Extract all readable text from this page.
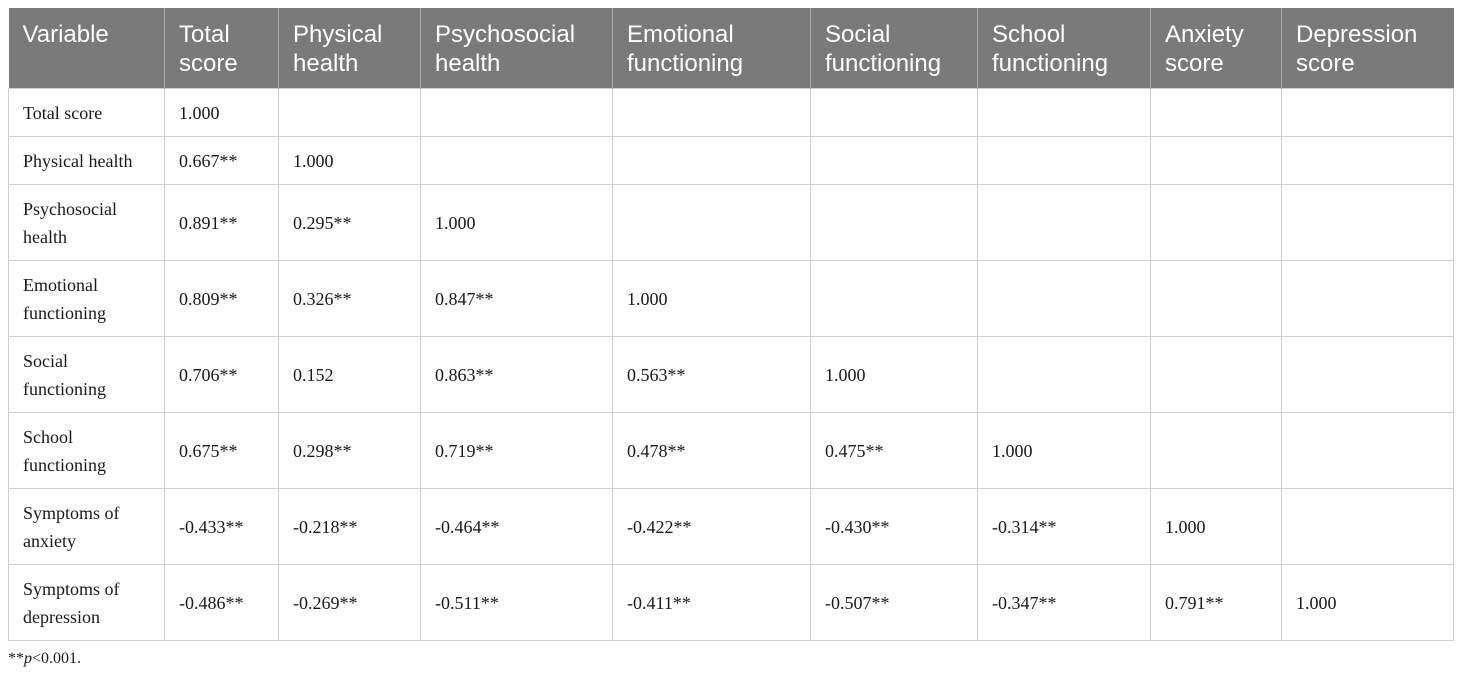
Variable	Total score	Physical health	Psychosocial health	Emotional functioning	Social functioning	School functioning	Anxiety score	Depression score
Total score	1.000							
Physical health	0.667**	1.000						
Psychosocial health	0.891**	0.295**	1.000					
Emotional functioning	0.809**	0.326**	0.847**	1.000				
Social functioning	0.706**	0.152	0.863**	0.563**	1.000			
School functioning	0.675**	0.298**	0.719**	0.478**	0.475**	1.000		
Symptoms of anxiety	-0.433**	-0.218**	-0.464**	-0.422**	-0.430**	-0.314**	1.000	
Symptoms of depression	-0.486**	-0.269**	-0.511**	-0.411**	-0.507**	-0.347**	0.791**	1.000
**p<0.001.
